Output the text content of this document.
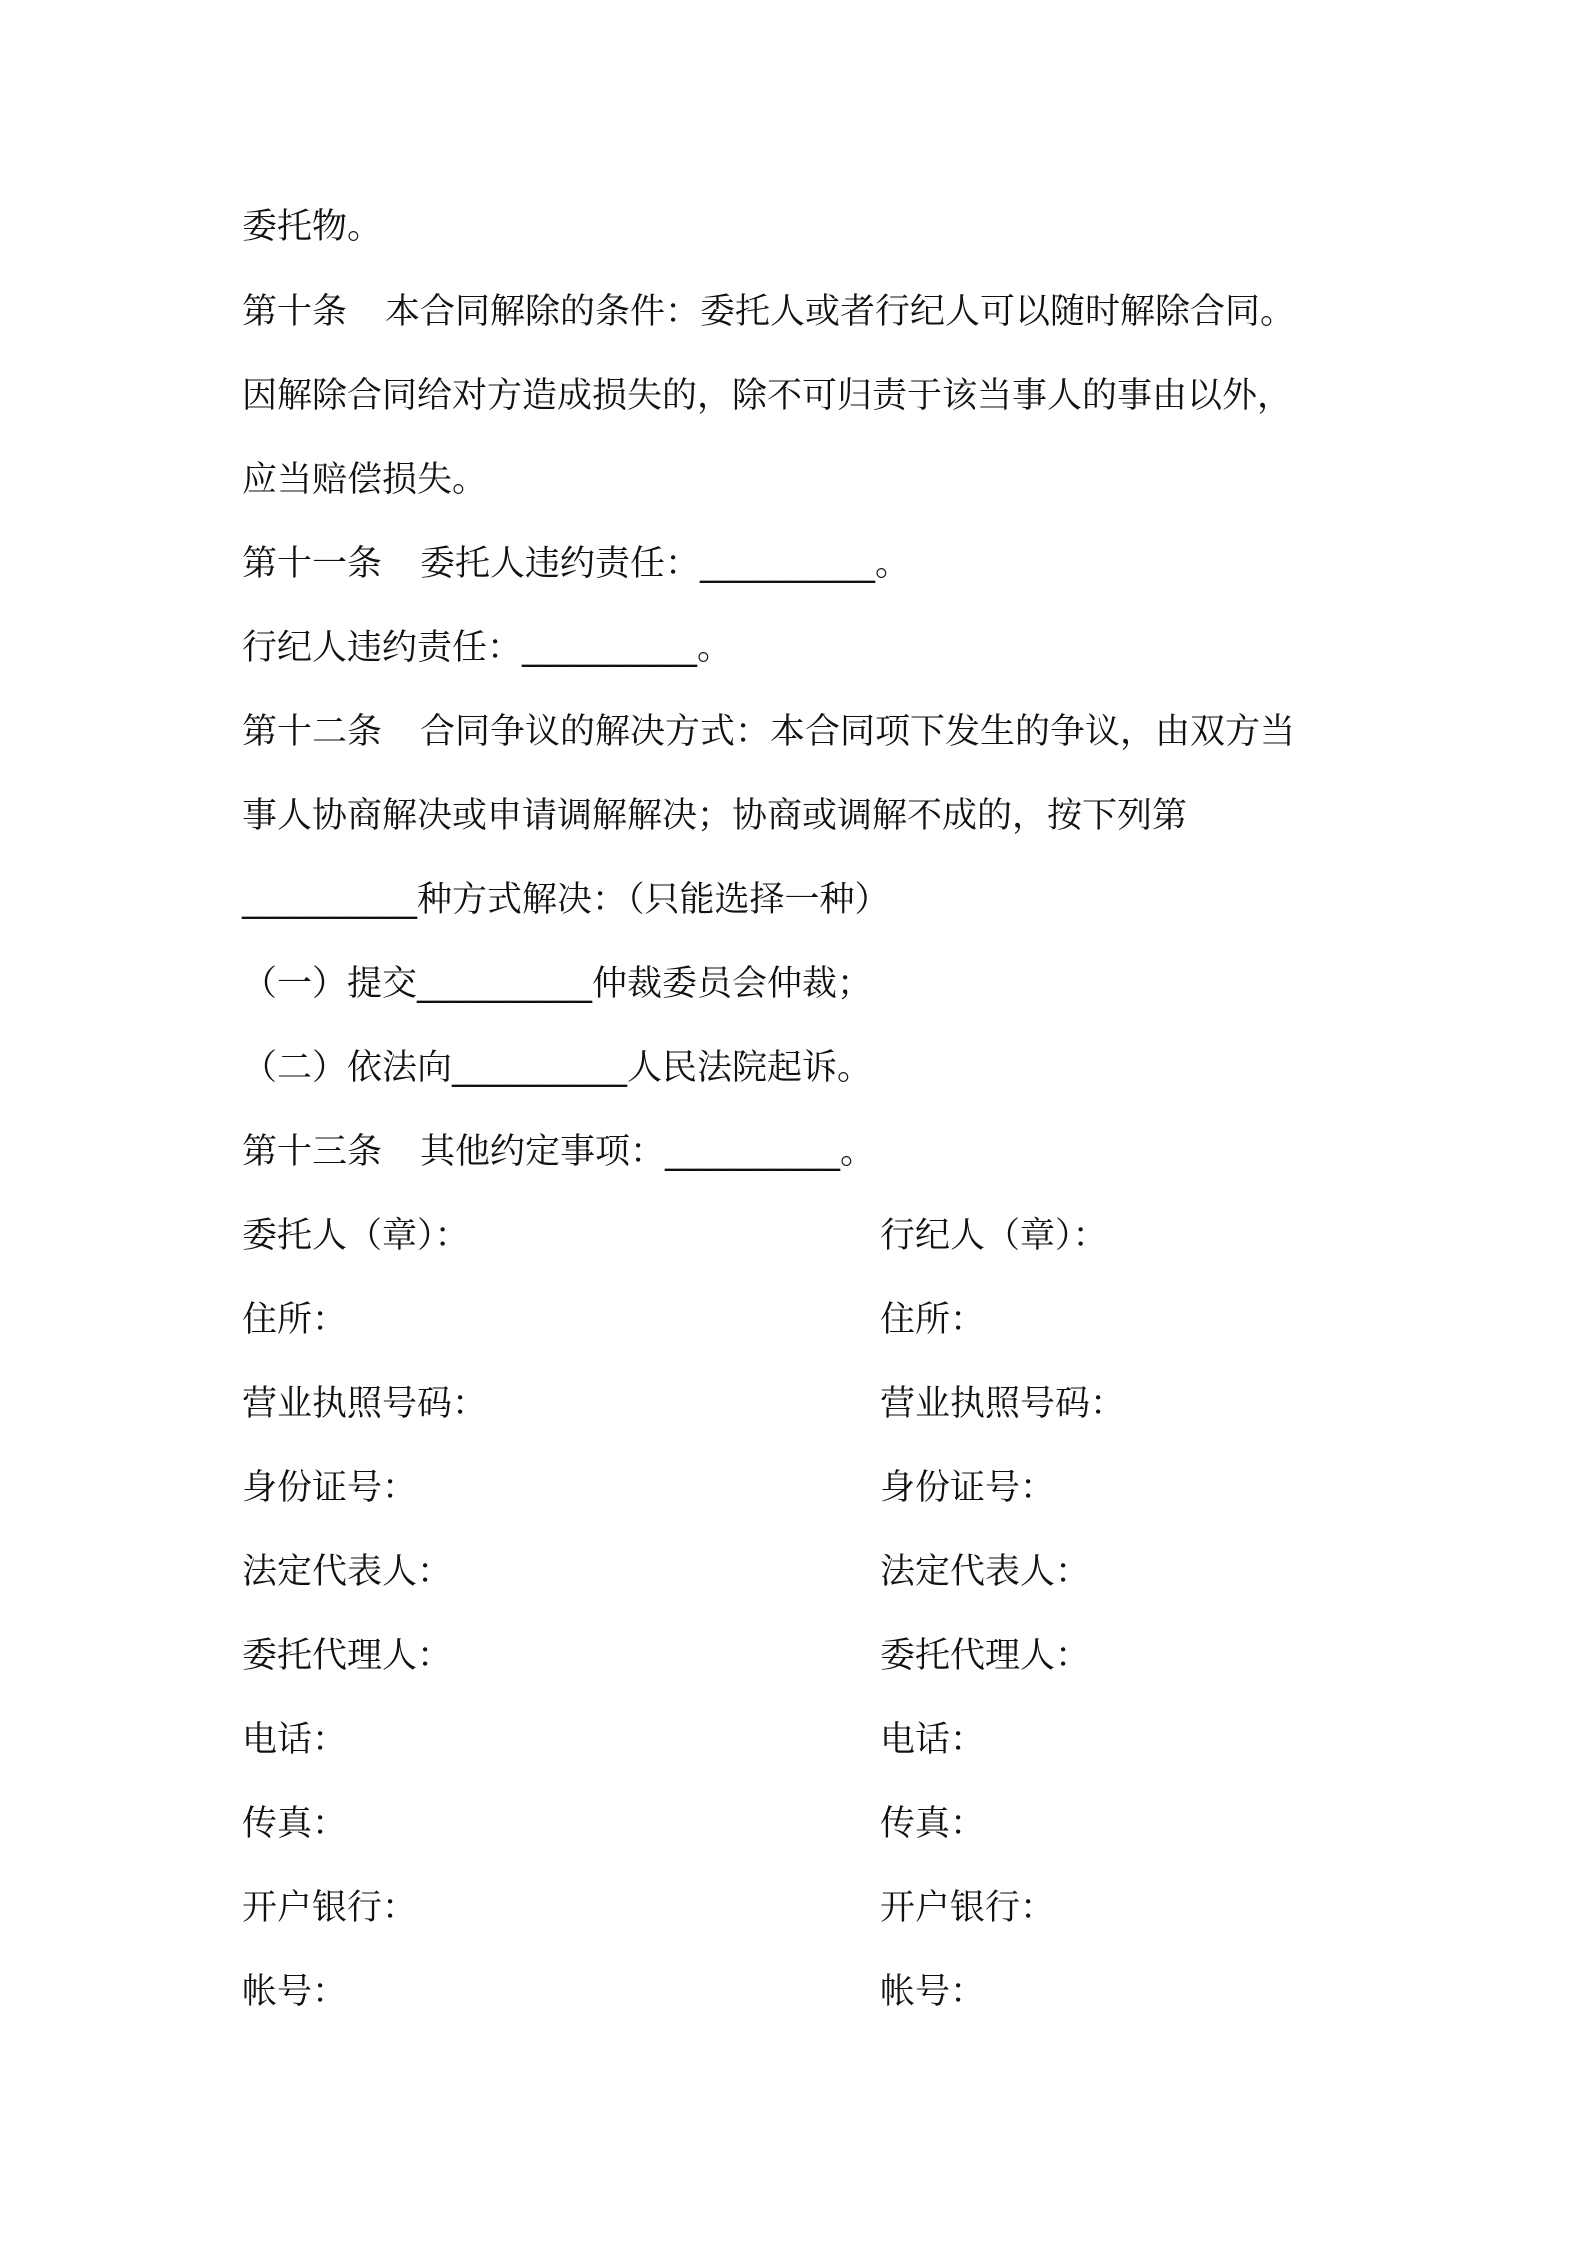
委托物。
第十条 本合同解除的条件：委托人或者行纪人可以随时解除合同。
因解除合同给对方造成损失的，除不可归责于该当事人的事由以外，
应当赔偿损失。
第十一条 委托人违约责任：__________。
行纪人违约责任：__________。
第十二条 合同争议的解决方式：本合同项下发生的争议，由双方当
事人协商解决或申请调解解决；协商或调解不成的，按下列第
__________种方式解决：（只能选择一种）
（一）提交__________仲裁委员会仲裁；
（二）依法向__________人民法院起诉。
第十三条 其他约定事项：__________。
委托人（章）：	行纪人（章）：
住所：	住所：
营业执照号码：	营业执照号码：
身份证号：	身份证号：
法定代表人：	法定代表人：
委托代理人：	委托代理人：
电话：	电话：
传真：	传真：
开户银行：	开户银行：
帐号：	帐号：
